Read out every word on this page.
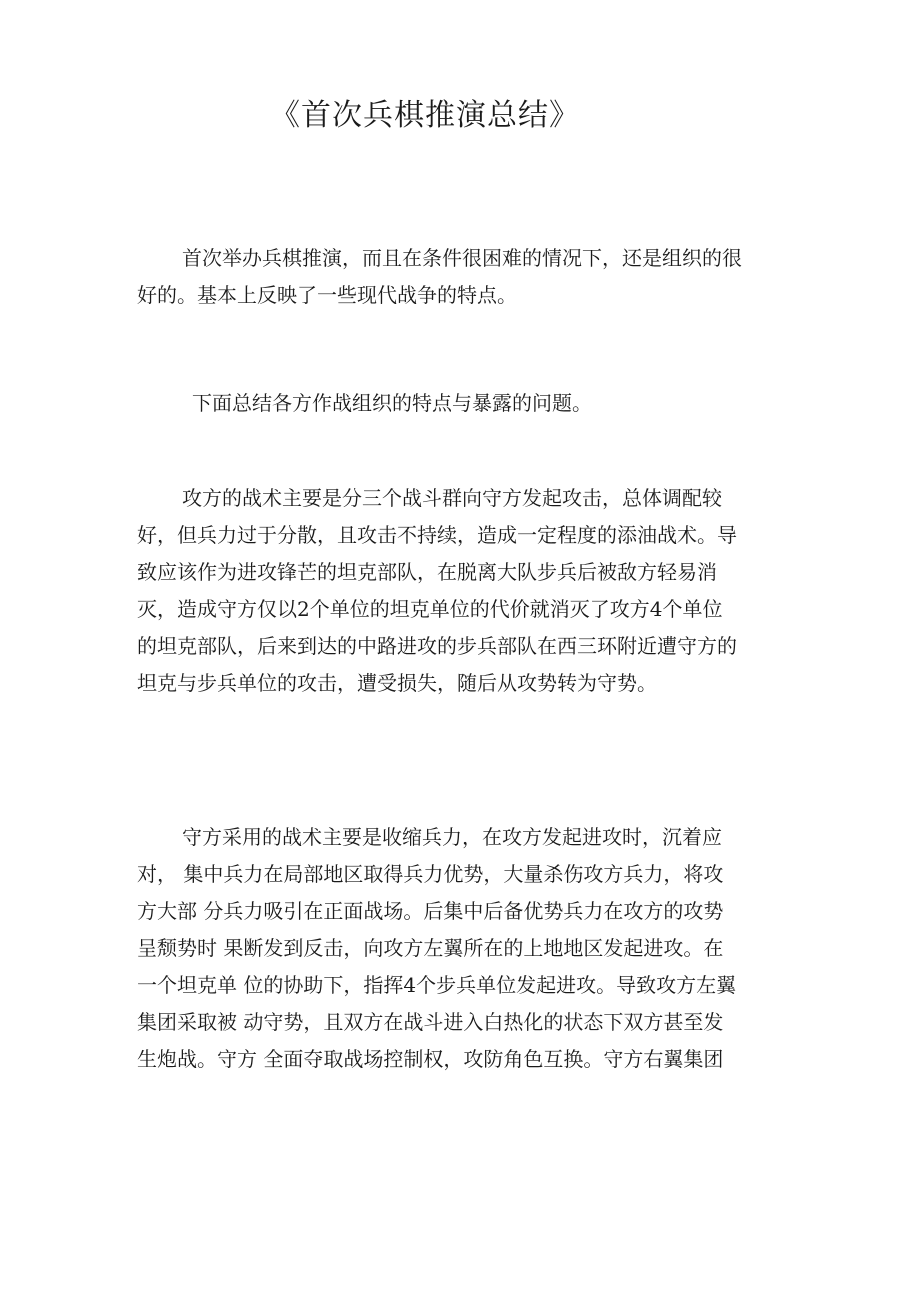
《首次兵棋推演总结》
首次举办兵棋推演，而且在条件很困难的情况下，还是组织的很
好的。基本上反映了一些现代战争的特点。
下面总结各方作战组织的特点与暴露的问题。
攻方的战术主要是分三个战斗群向守方发起攻击，总体调配较
好，但兵力过于分散，且攻击不持续，造成一定程度的添油战术。导
致应该作为进攻锋芒的坦克部队，在脱离大队步兵后被敌方轻易消
灭，造成守方仅以2个单位的坦克单位的代价就消灭了攻方4个单位
的坦克部队，后来到达的中路进攻的步兵部队在西三环附近遭守方的
坦克与步兵单位的攻击，遭受损失，随后从攻势转为守势。
守方采用的战术主要是收缩兵力，在攻方发起进攻时，沉着应
对， 集中兵力在局部地区取得兵力优势，大量杀伤攻方兵力，将攻
方大部 分兵力吸引在正面战场。后集中后备优势兵力在攻方的攻势
呈颓势时 果断发到反击，向攻方左翼所在的上地地区发起进攻。在
一个坦克单 位的协助下，指挥4个步兵单位发起进攻。导致攻方左翼
集团采取被 动守势，且双方在战斗进入白热化的状态下双方甚至发
生炮战。守方 全面夺取战场控制权，攻防角色互换。守方右翼集团
